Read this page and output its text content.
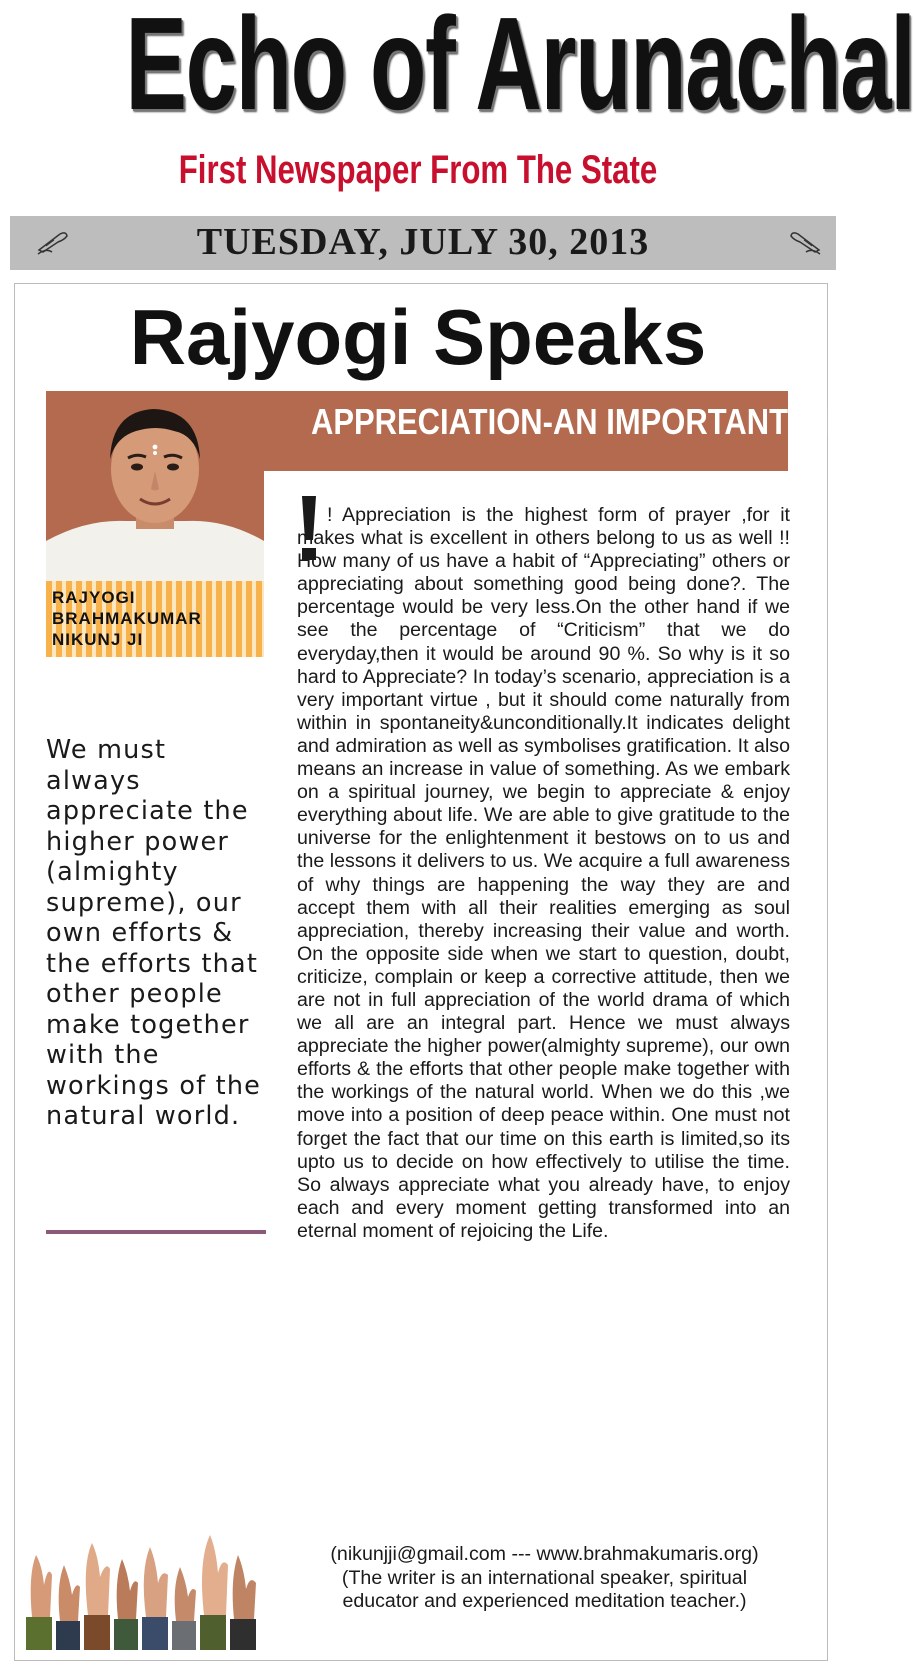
Echo of Arunachal
First Newspaper From The State
TUESDAY, JULY 30, 2013
Rajyogi Speaks
APPRECIATION-AN IMPORTANT VIRTUE
RAJYOGI
BRAHMAKUMAR
NIKUNJ JI
We must always appreciate the higher power (almighty supreme), our own efforts & the efforts that other people make together with the workings of the natural world.
! Appreciation is the highest form of prayer ,for it makes what is excellent in others belong to us as well !! How many of us have a habit of “Appreciating” others or appreciating about something good being done?. The percentage would be very less.On the other hand if we see the percentage of “Criticism” that we do everyday,then it would be around 90 %. So why is it so hard to Appreciate? In today’s scenario, appreciation is a very important virtue , but it should come naturally from within in spontaneity&unconditionally.It indicates delight and admiration as well as symbolises gratification. It also means an increase in value of something. As we embark on a spiritual journey, we begin to appreciate & enjoy everything about life. We are able to give gratitude to the universe for the enlightenment it bestows on to us and the lessons it delivers to us. We acquire a full awareness of why things are happening the way they are and accept them with all their realities emerging as soul appreciation, thereby increasing their value and worth. On the opposite side when we start to question, doubt, criticize, complain or keep a corrective attitude, then we are not in full appreciation of the world drama of which we all are an integral part. Hence we must always appreciate the higher power(almighty supreme), our own efforts & the efforts that other people make together with the workings of the natural world. When we do this ,we move into a position of deep peace within. One must not forget the fact that our time on this earth is limited,so its upto us to decide on how effectively to utilise the time. So always appreciate what you already have, to enjoy each and every moment getting transformed into an eternal moment of rejoicing the Life.
(nikunjji@gmail.com --- www.brahmakumaris.org)
(The writer is an international speaker, spiritual
educator and experienced meditation teacher.)
